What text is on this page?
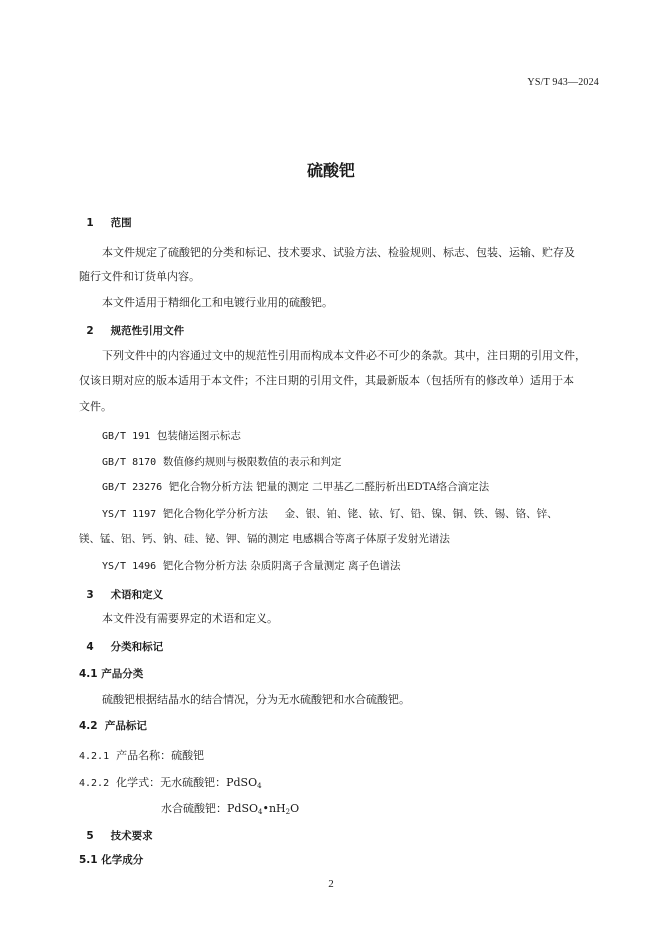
YS/T 943—2024
硫酸钯
1 范围
本文件规定了硫酸钯的分类和标记、技术要求、试验方法、检验规则、标志、包装、运输、贮存及
随行文件和订货单内容。
本文件适用于精细化工和电镀行业用的硫酸钯。
2 规范性引用文件
下列文件中的内容通过文中的规范性引用而构成本文件必不可少的条款。其中，注日期的引用文件，
仅该日期对应的版本适用于本文件；不注日期的引用文件，其最新版本（包括所有的修改单）适用于本
文件。
GB/T 191 包装储运图示标志
GB/T 8170 数值修约规则与极限数值的表示和判定
GB/T 23276 钯化合物分析方法 钯量的测定 二甲基乙二醛肟析出EDTA络合滴定法
YS/T 1197 钯化合物化学分析方法 金、银、铂、铑、铱、钌、铅、镍、铜、铁、锡、铬、锌、
镁、锰、铝、钙、钠、硅、铋、钾、镉的测定 电感耦合等离子体原子发射光谱法
YS/T 1496 钯化合物分析方法 杂质阴离子含量测定 离子色谱法
3 术语和定义
本文件没有需要界定的术语和定义。
4 分类和标记
4.1 产品分类
硫酸钯根据结晶水的结合情况，分为无水硫酸钯和水合硫酸钯。
4.2 产品标记
4.2.1 产品名称：硫酸钯
4.2.2 化学式：无水硫酸钯：PdSO$_4$
水合硫酸钯：$PdSO_4•nH_2O$
5 技术要求
5.1 化学成分
2
